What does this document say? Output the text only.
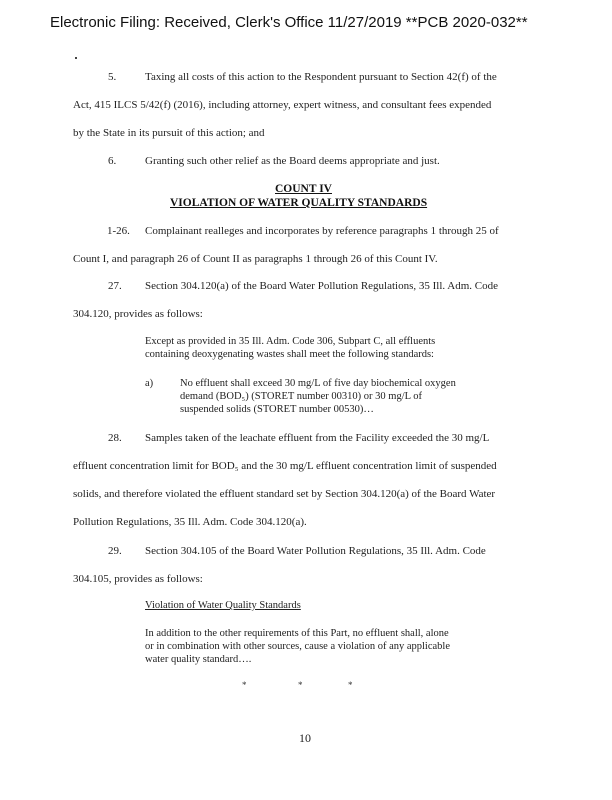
Electronic Filing: Received, Clerk's Office 11/27/2019 **PCB 2020-032**
5.	Taxing all costs of this action to the Respondent pursuant to Section 42(f) of the
Act, 415 ILCS 5/42(f) (2016), including attorney, expert witness, and consultant fees expended
by the State in its pursuit of this action; and
6.	Granting such other relief as the Board deems appropriate and just.
COUNT IV
VIOLATION OF WATER QUALITY STANDARDS
1-26. Complainant realleges and incorporates by reference paragraphs 1 through 25 of
Count I, and paragraph 26 of Count II as paragraphs 1 through 26 of this Count IV.
27. Section 304.120(a) of the Board Water Pollution Regulations, 35 Ill. Adm. Code
304.120, provides as follows:
Except as provided in 35 Ill. Adm. Code 306, Subpart C, all effluents
containing deoxygenating wastes shall meet the following standards:
a)	No effluent shall exceed 30 mg/L of five day biochemical oxygen
demand (BOD₅) (STORET number 00310) or 30 mg/L of
suspended solids (STORET number 00530)…
28. Samples taken of the leachate effluent from the Facility exceeded the 30 mg/L
effluent concentration limit for BOD₅ and the 30 mg/L effluent concentration limit of suspended
solids, and therefore violated the effluent standard set by Section 304.120(a) of the Board Water
Pollution Regulations, 35 Ill. Adm. Code 304.120(a).
29. Section 304.105 of the Board Water Pollution Regulations, 35 Ill. Adm. Code
304.105, provides as follows:
Violation of Water Quality Standards
In addition to the other requirements of this Part, no effluent shall, alone
or in combination with other sources, cause a violation of any applicable
water quality standard….
*	*	*
10
